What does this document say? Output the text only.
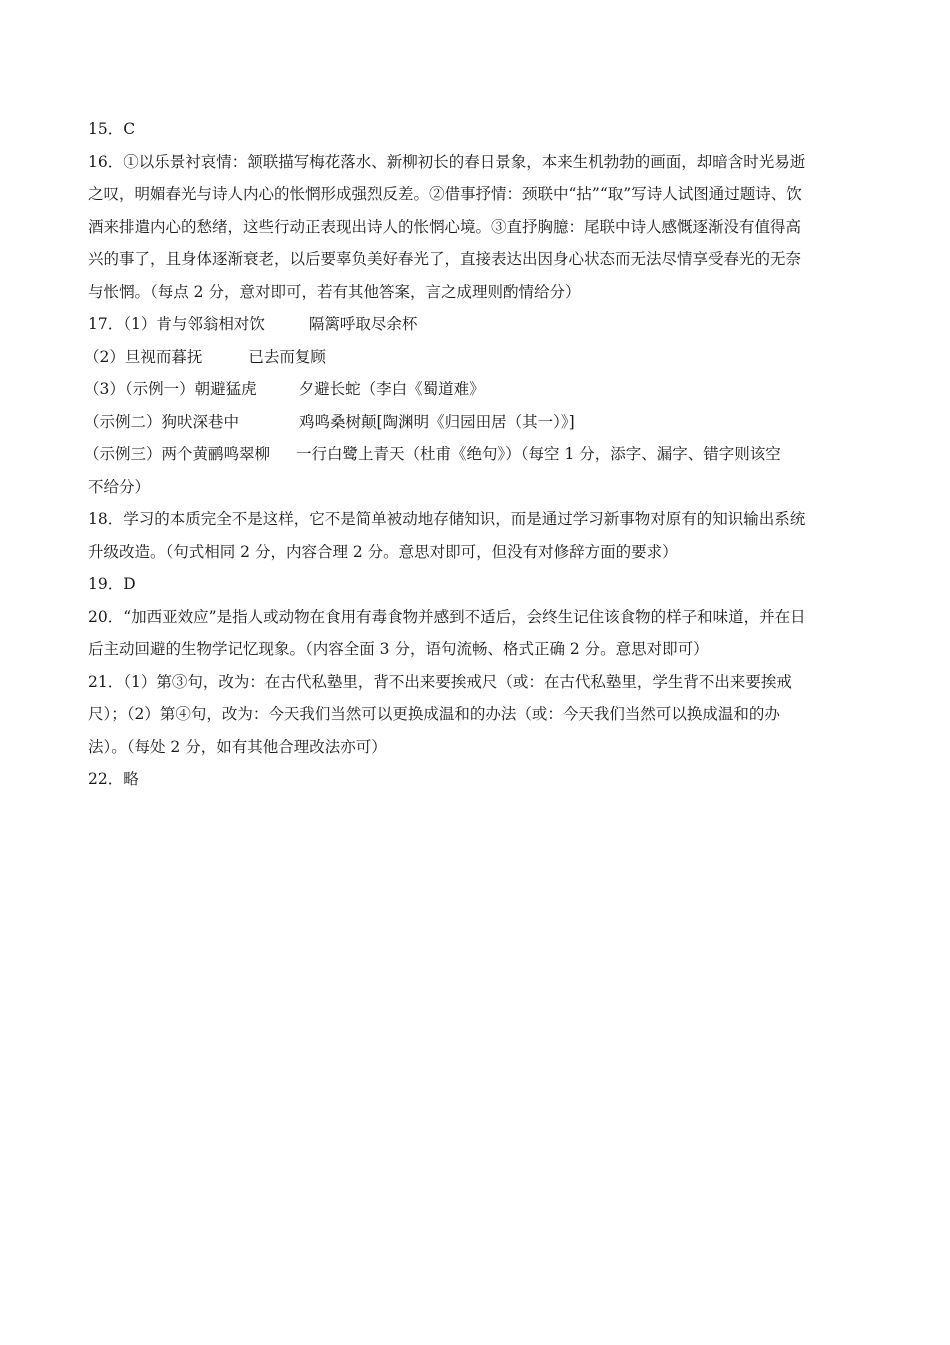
15．C
16．①以乐景衬哀情：颔联描写梅花落水、新柳初长的春日景象，本来生机勃勃的画面，却暗含时光易逝
之叹，明媚春光与诗人内心的怅惘形成强烈反差。②借事抒情：颈联中“拈”“取”写诗人试图通过题诗、饮
酒来排遣内心的愁绪，这些行动正表现出诗人的怅惘心境。③直抒胸臆：尾联中诗人感慨逐渐没有值得高
兴的事了，且身体逐渐衰老，以后要辜负美好春光了，直接表达出因身心状态而无法尽情享受春光的无奈
与怅惘。（每点 2 分，意对即可，若有其他答案，言之成理则酌情给分）
17．（1）肯与邻翁相对饮	隔篱呼取尽余杯
（2）旦视而暮抚	已去而复顾
（3）（示例一）朝避猛虎	夕避长蛇（李白《蜀道难》
（示例二）狗吠深巷中	鸡鸣桑树颠[陶渊明《归园田居（其一）》]
（示例三）两个黄鹂鸣翠柳 一行白鹭上青天（杜甫《绝句》）（每空 1 分，添字、漏字、错字则该空
不给分）
18．学习的本质完全不是这样，它不是简单被动地存储知识，而是通过学习新事物对原有的知识输出系统
升级改造。（句式相同 2 分，内容合理 2 分。意思对即可，但没有对修辞方面的要求）
19．D
20．“加西亚效应”是指人或动物在食用有毒食物并感到不适后，会终生记住该食物的样子和味道，并在日
后主动回避的生物学记忆现象。（内容全面 3 分，语句流畅、格式正确 2 分。意思对即可）
21．（1）第③句，改为：在古代私塾里，背不出来要挨戒尺（或：在古代私塾里，学生背不出来要挨戒
尺）；（2）第④句，改为：今天我们当然可以更换成温和的办法（或：今天我们当然可以换成温和的办
法）。（每处 2 分，如有其他合理改法亦可）
22．略
